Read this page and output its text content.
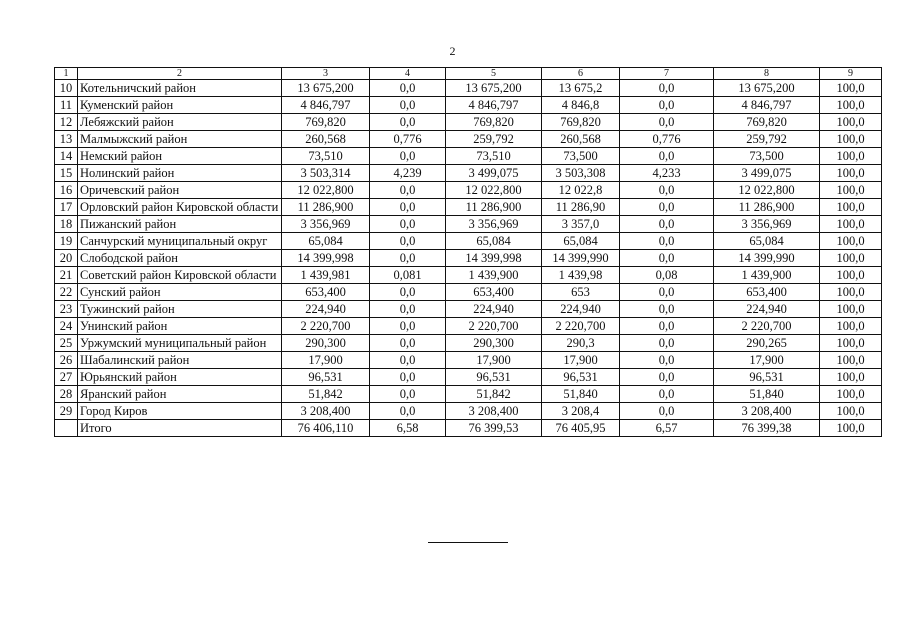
2
1	2	3	4	5	6	7	8	9
10	Котельничский район	13 675,200	0,0	13 675,200	13 675,2	0,0	13 675,200	100,0
11	Куменский район	4 846,797	0,0	4 846,797	4 846,8	0,0	4 846,797	100,0
12	Лебяжский район	769,820	0,0	769,820	769,820	0,0	769,820	100,0
13	Малмыжский район	260,568	0,776	259,792	260,568	0,776	259,792	100,0
14	Немский район	73,510	0,0	73,510	73,500	0,0	73,500	100,0
15	Нолинский район	3 503,314	4,239	3 499,075	3 503,308	4,233	3 499,075	100,0
16	Оричевский район	12 022,800	0,0	12 022,800	12 022,8	0,0	12 022,800	100,0
17	Орловский район Кировской области	11 286,900	0,0	11 286,900	11 286,90	0,0	11 286,900	100,0
18	Пижанский район	3 356,969	0,0	3 356,969	3 357,0	0,0	3 356,969	100,0
19	Санчурский муниципальный округ	65,084	0,0	65,084	65,084	0,0	65,084	100,0
20	Слободской район	14 399,998	0,0	14 399,998	14 399,990	0,0	14 399,990	100,0
21	Советский район Кировской области	1 439,981	0,081	1 439,900	1 439,98	0,08	1 439,900	100,0
22	Сунский район	653,400	0,0	653,400	653	0,0	653,400	100,0
23	Тужинский район	224,940	0,0	224,940	224,940	0,0	224,940	100,0
24	Унинский район	2 220,700	0,0	2 220,700	2 220,700	0,0	2 220,700	100,0
25	Уржумский муниципальный район	290,300	0,0	290,300	290,3	0,0	290,265	100,0
26	Шабалинский район	17,900	0,0	17,900	17,900	0,0	17,900	100,0
27	Юрьянский район	96,531	0,0	96,531	96,531	0,0	96,531	100,0
28	Яранский район	51,842	0,0	51,842	51,840	0,0	51,840	100,0
29	Город Киров	3 208,400	0,0	3 208,400	3 208,4	0,0	3 208,400	100,0
	Итого	76 406,110	6,58	76 399,53	76 405,95	6,57	76 399,38	100,0
